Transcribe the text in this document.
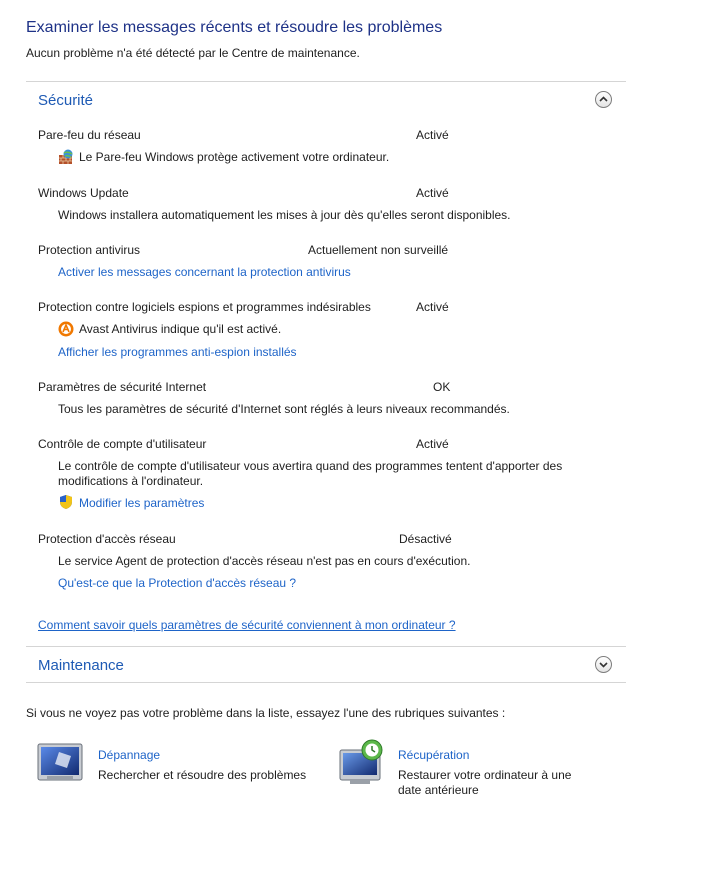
Examiner les messages récents et résoudre les problèmes
Aucun problème n'a été détecté par le Centre de maintenance.
Sécurité
Pare-feu du réseau	Activé
Le Pare-feu Windows protège activement votre ordinateur.
Windows Update	Activé
Windows installera automatiquement les mises à jour dès qu'elles seront disponibles.
Protection antivirus	Actuellement non surveillé
Activer les messages concernant la protection antivirus
Protection contre logiciels espions et programmes indésirables	Activé
Avast Antivirus indique qu'il est activé.
Afficher les programmes anti-espion installés
Paramètres de sécurité Internet	OK
Tous les paramètres de sécurité d'Internet sont réglés à leurs niveaux recommandés.
Contrôle de compte d'utilisateur	Activé
Le contrôle de compte d'utilisateur vous avertira quand des programmes tentent d'apporter des modifications à l'ordinateur.
Modifier les paramètres
Protection d'accès réseau	Désactivé
Le service Agent de protection d'accès réseau n'est pas en cours d'exécution.
Qu'est-ce que la Protection d'accès réseau ?
Comment savoir quels paramètres de sécurité conviennent à mon ordinateur ?
Maintenance
Si vous ne voyez pas votre problème dans la liste, essayez l'une des rubriques suivantes :
Dépannage
Rechercher et résoudre des problèmes
Récupération
Restaurer votre ordinateur à une date antérieure
